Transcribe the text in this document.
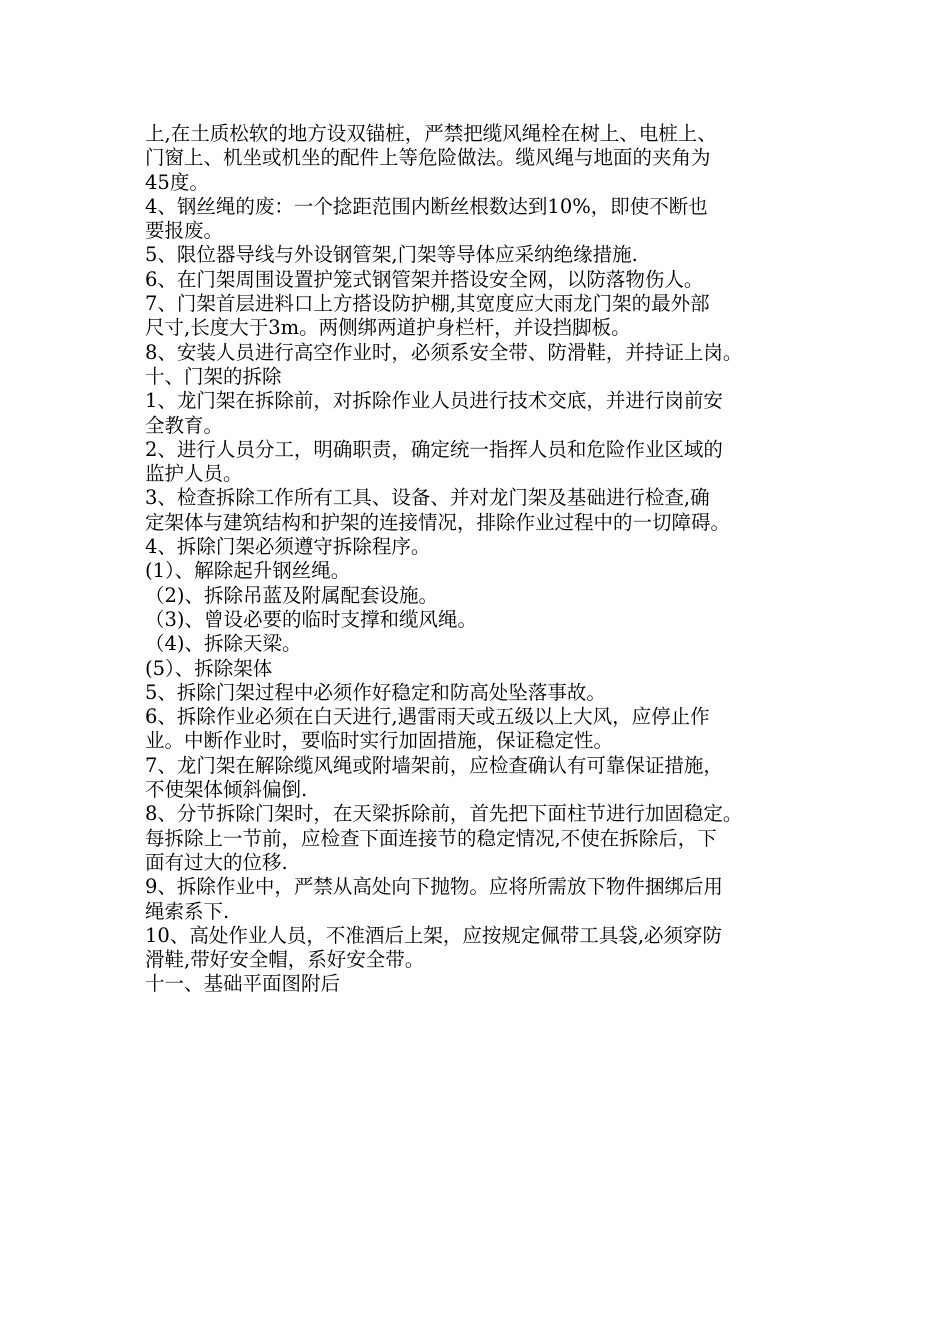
上,在土质松软的地方设双锚桩，严禁把缆风绳栓在树上、电桩上、
门窗上、机坐或机坐的配件上等危险做法。缆风绳与地面的夹角为
45度。
4、钢丝绳的废：一个捻距范围内断丝根数达到10%，即使不断也
要报废。
5、限位器导线与外设钢管架,门架等导体应采纳绝缘措施.
6、在门架周围设置护笼式钢管架并搭设安全网，以防落物伤人。
7、门架首层进料口上方搭设防护棚,其宽度应大雨龙门架的最外部
尺寸,长度大于3m。两侧绑两道护身栏杆，并设挡脚板。
8、安装人员进行高空作业时，必须系安全带、防滑鞋，并持证上岗。
十、门架的拆除
1、龙门架在拆除前，对拆除作业人员进行技术交底，并进行岗前安
全教育。
2、进行人员分工，明确职责，确定统一指挥人员和危险作业区域的
监护人员。
3、检查拆除工作所有工具、设备、并对龙门架及基础进行检查,确
定架体与建筑结构和护架的连接情况，排除作业过程中的一切障碍。
4、拆除门架必须遵守拆除程序。
(1）、解除起升钢丝绳。
（2)、拆除吊蓝及附属配套设施。
（3)、曾设必要的临时支撑和缆风绳。
（4)、拆除天梁。
(5）、拆除架体
5、拆除门架过程中必须作好稳定和防高处坠落事故。
6、拆除作业必须在白天进行,遇雷雨天或五级以上大风，应停止作
业。中断作业时，要临时实行加固措施，保证稳定性。
7、龙门架在解除缆风绳或附墙架前，应检查确认有可靠保证措施，
不使架体倾斜偏倒.
8、分节拆除门架时，在天梁拆除前，首先把下面柱节进行加固稳定。
每拆除上一节前，应检查下面连接节的稳定情况,不使在拆除后，下
面有过大的位移.
9、拆除作业中，严禁从高处向下抛物。应将所需放下物件捆绑后用
绳索系下.
10、高处作业人员，不准酒后上架，应按规定佩带工具袋,必须穿防
滑鞋,带好安全帽，系好安全带。
十一、基础平面图附后
